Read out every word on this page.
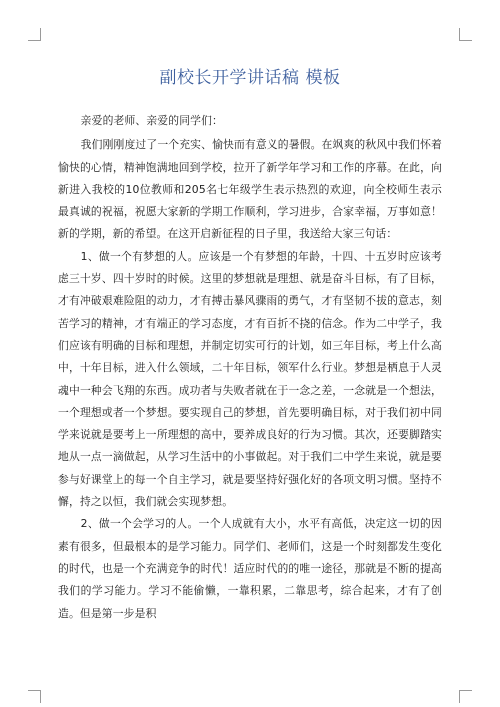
副校长开学讲话稿 模板

亲爱的老师、亲爱的同学们：

我们刚刚度过了一个充实、愉快而有意义的暑假。在飒爽的秋风中我们怀着愉快的心情，精神饱满地回到学校，拉开了新学年学习和工作的序幕。在此，向新进入我校的10位教师和205名七年级学生表示热烈的欢迎，向全校师生表示最真诚的祝福，祝愿大家新的学期工作顺利，学习进步，合家幸福，万事如意！ 新的学期，新的希望。在这开启新征程的日子里，我送给大家三句话：

1、做一个有梦想的人。应该是一个有梦想的年龄，十四、十五岁时应该考虑三十岁、四十岁时的时候。这里的梦想就是理想、就是奋斗目标，有了目标，才有冲破艰难险阻的动力，才有搏击暴风骤雨的勇气，才有坚韧不拔的意志，刻苦学习的精神，才有端正的学习态度，才有百折不挠的信念。作为二中学子，我们应该有明确的目标和理想，并制定切实可行的计划，如三年目标，考上什么高中，十年目标，进入什么领域，二十年目标，领军什么行业。梦想是栖息于人灵魂中一种会飞翔的东西。成功者与失败者就在于一念之差，一念就是一个想法，一个理想或者一个梦想。要实现自己的梦想，首先要明确目标，对于我们初中同学来说就是要考上一所理想的高中，要养成良好的行为习惯。其次，还要脚踏实地从一点一滴做起，从学习生活中的小事做起。对于我们二中学生来说，就是要参与好课堂上的每一个自主学习，就是要坚持好强化好的各项文明习惯。坚持不懈，持之以恒，我们就会实现梦想。

2、做一个会学习的人。一个人成就有大小，水平有高低，决定这一切的因素有很多，但最根本的是学习能力。同学们、老师们，这是一个时刻都发生变化的时代，也是一个充满竞争的时代！适应时代的的唯一途径，那就是不断的提高我们的学习能力。学习不能偷懒，一靠积累，二靠思考，综合起来，才有了创造。但是第一步是积
